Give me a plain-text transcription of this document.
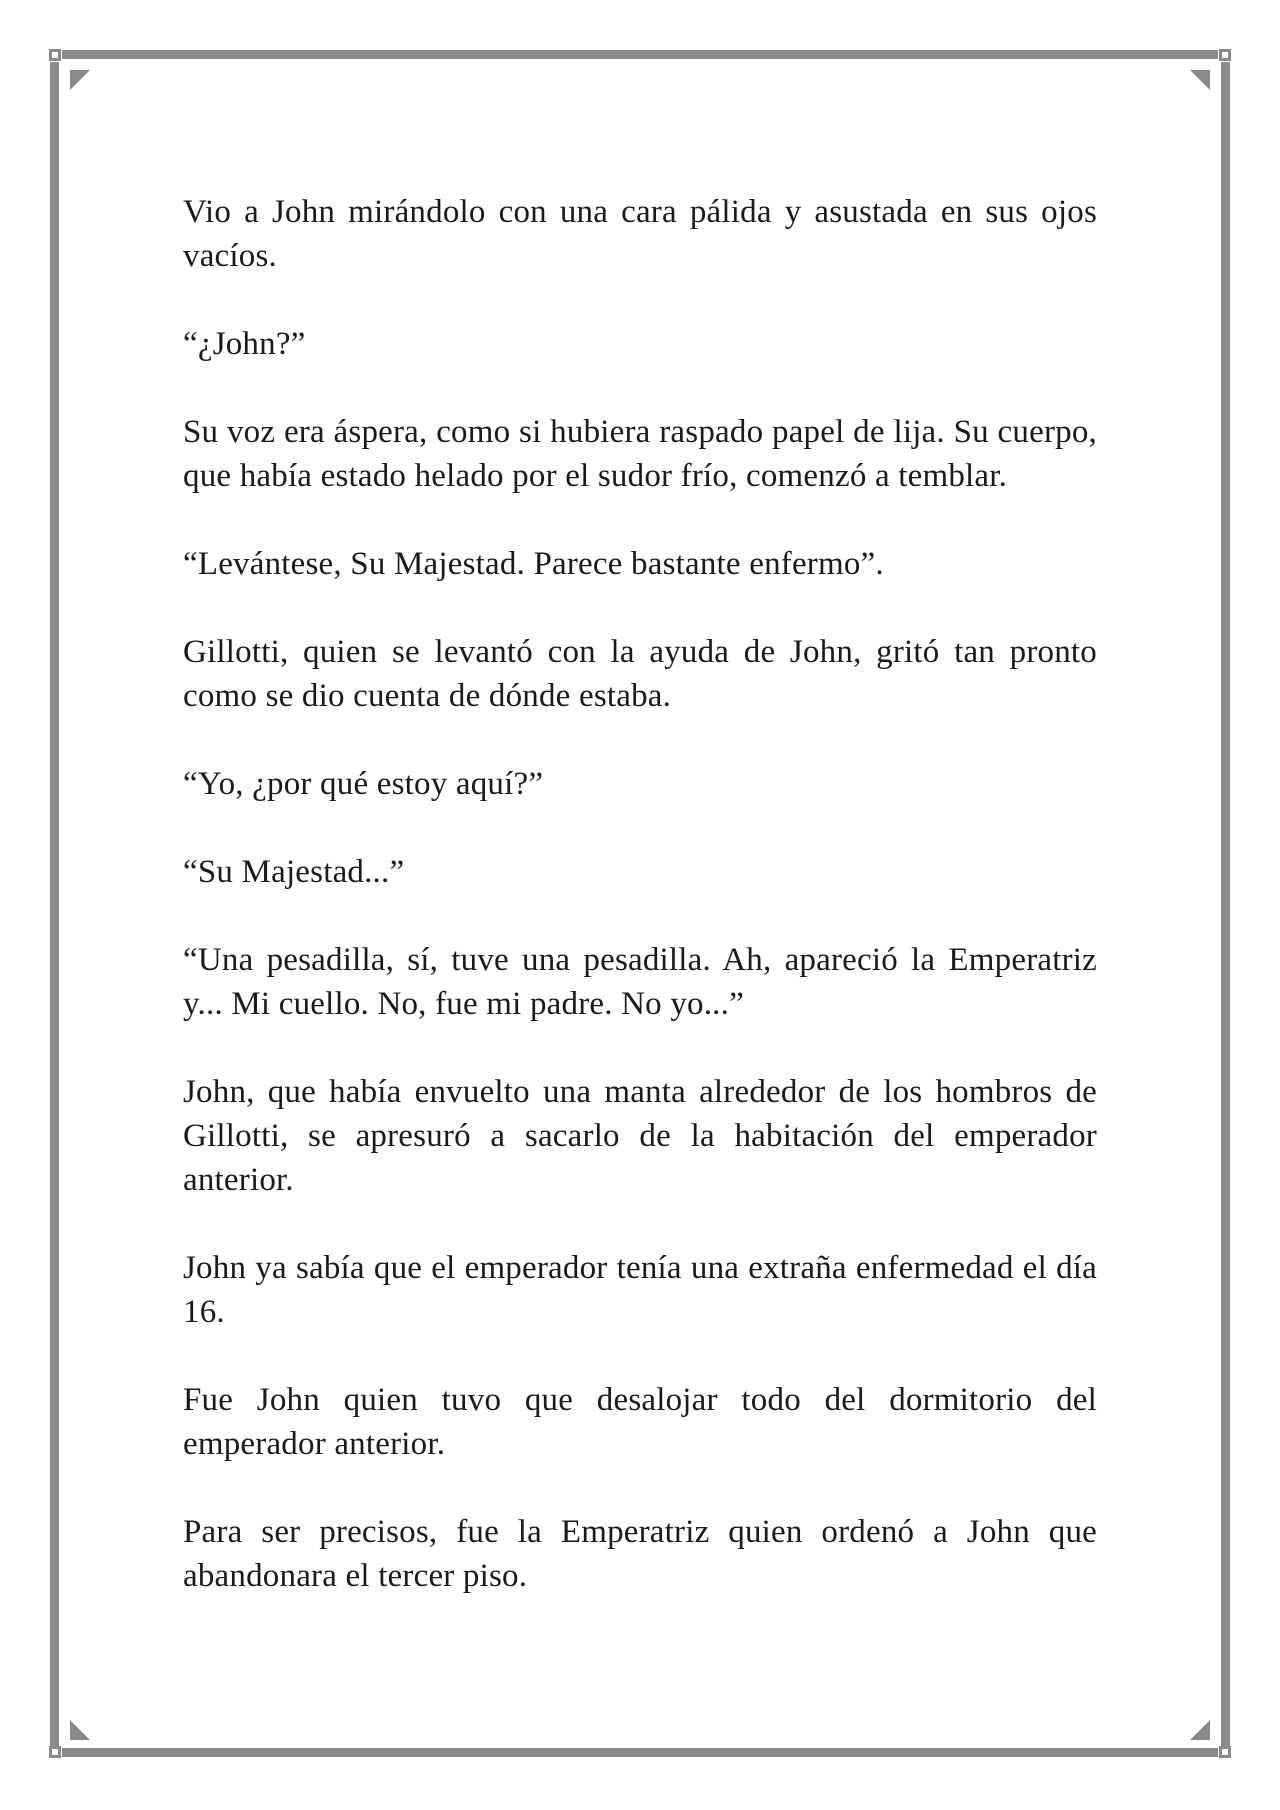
Vio a John mirándolo con una cara pálida y asustada en sus ojos vacíos.

“¿John?”

Su voz era áspera, como si hubiera raspado papel de lija. Su cuerpo, que había estado helado por el sudor frío, comenzó a temblar.

“Levántese, Su Majestad. Parece bastante enfermo”.

Gillotti, quien se levantó con la ayuda de John, gritó tan pronto como se dio cuenta de dónde estaba.

“Yo, ¿por qué estoy aquí?”

“Su Majestad...”

“Una pesadilla, sí, tuve una pesadilla. Ah, apareció la Emperatriz y... Mi cuello. No, fue mi padre. No yo...”

John, que había envuelto una manta alrededor de los hombros de Gillotti, se apresuró a sacarlo de la habitación del emperador anterior.

John ya sabía que el emperador tenía una extraña enfermedad el día 16.

Fue John quien tuvo que desalojar todo del dormitorio del emperador anterior.

Para ser precisos, fue la Emperatriz quien ordenó a John que abandonara el tercer piso.
